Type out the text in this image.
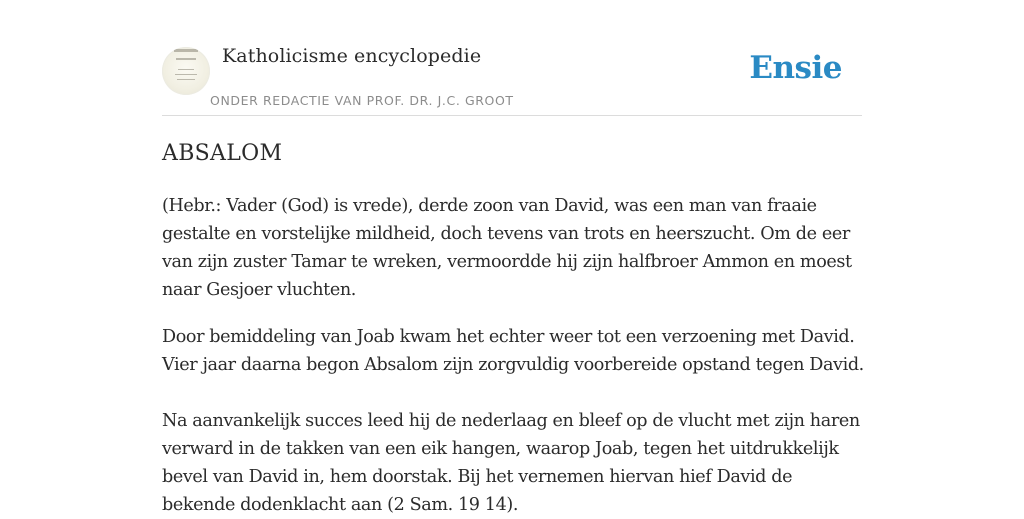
Katholicisme encyclopedie
ONDER REDACTIE VAN PROF. DR. J.C. GROOT
Ensie
ABSALOM

(Hebr.: Vader (God) is vrede), derde zoon van David, was een man van fraaie
gestalte en vorstelijke mildheid, doch tevens van trots en heerszucht. Om de eer
van zijn zuster Tamar te wreken, vermoordde hij zijn halfbroer Ammon en moest
naar Gesjoer vluchten.

Door bemiddeling van Joab kwam het echter weer tot een verzoening met David.
Vier jaar daarna begon Absalom zijn zorgvuldig voorbereide opstand tegen David.

Na aanvankelijk succes leed hij de nederlaag en bleef op de vlucht met zijn haren
verward in de takken van een eik hangen, waarop Joab, tegen het uitdrukkelijk
bevel van David in, hem doorstak. Bij het vernemen hiervan hief David de
bekende dodenklacht aan (2 Sam. 19 14).
